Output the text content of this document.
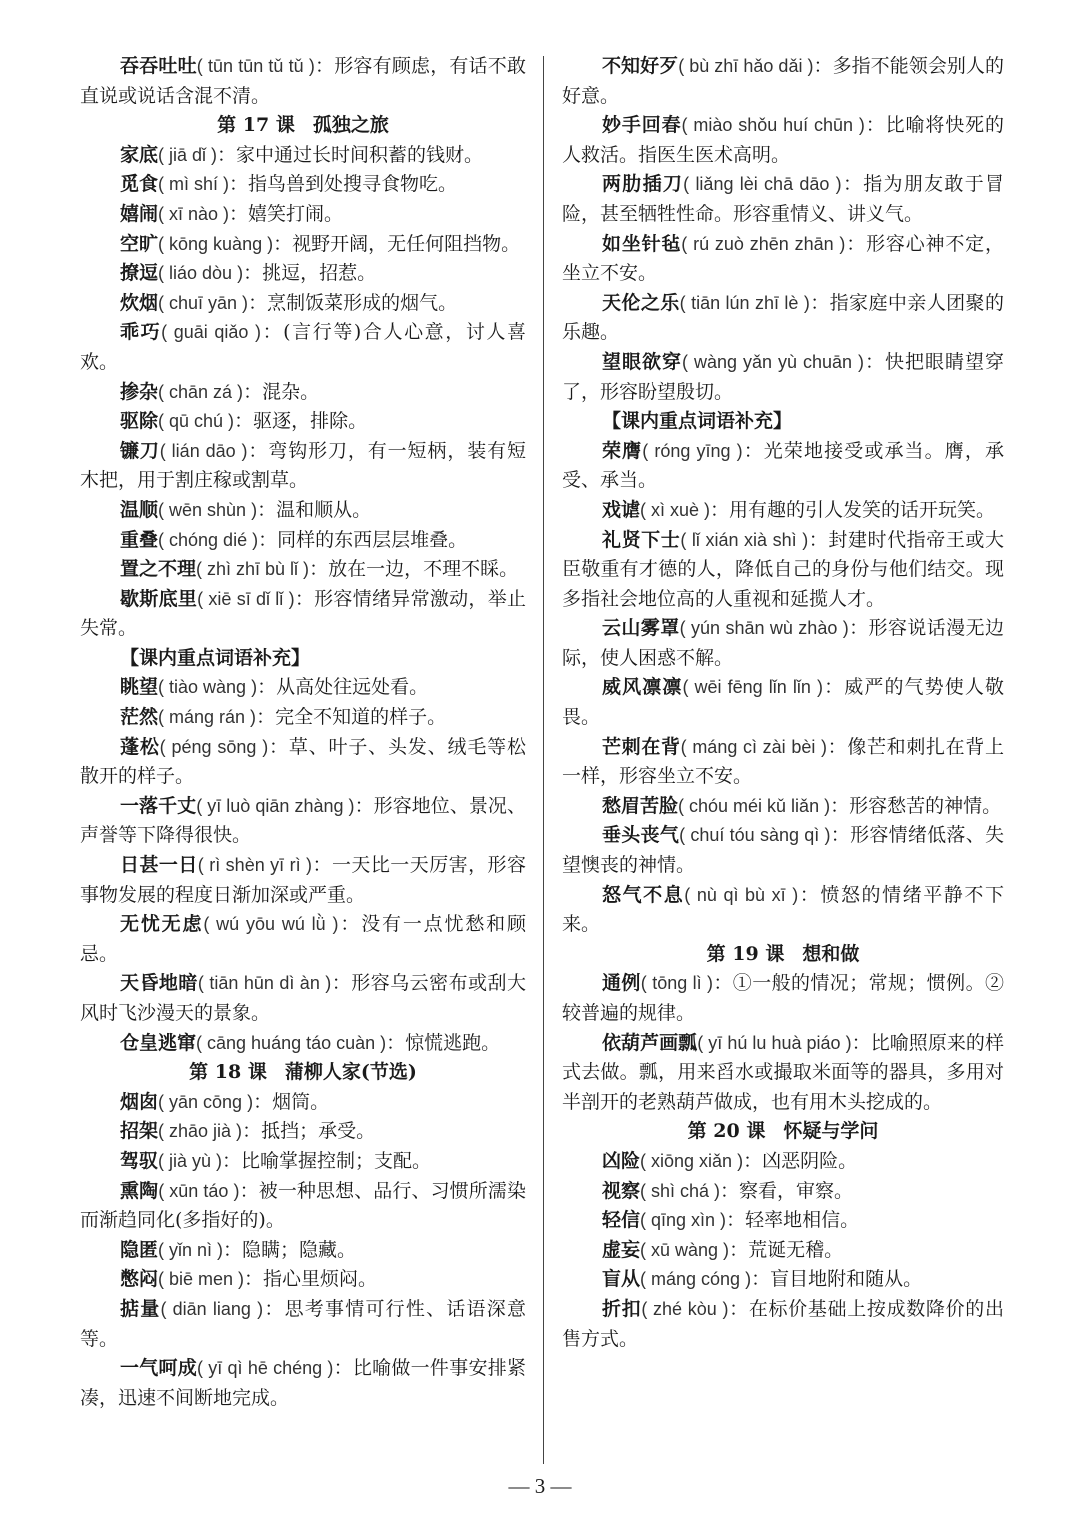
吞吞吐吐( tūn tūn tǔ tǔ )：形容有顾虑，有话不敢直说或说话含混不清。

第 17 课 孤独之旅

家底( jiā dǐ )：家中通过长时间积蓄的钱财。

觅食( mì shí )：指鸟兽到处搜寻食物吃。

嬉闹( xī nào )：嬉笑打闹。

空旷( kōng kuàng )：视野开阔，无任何阻挡物。

撩逗( liáo dòu )：挑逗，招惹。

炊烟( chuī yān )：烹制饭菜形成的烟气。

乖巧( guāi qiǎo )：(言行等)合人心意，讨人喜欢。

掺杂( chān zá )：混杂。

驱除( qū chú )：驱逐，排除。

镰刀( lián dāo )：弯钩形刀，有一短柄，装有短木把，用于割庄稼或割草。

温顺( wēn shùn )：温和顺从。

重叠( chóng dié )：同样的东西层层堆叠。

置之不理( zhì zhī bù lǐ )：放在一边，不理不睬。

歇斯底里( xiē sī dǐ lǐ )：形容情绪异常激动，举止失常。

【课内重点词语补充】

眺望( tiào wàng )：从高处往远处看。

茫然( máng rán )：完全不知道的样子。

蓬松( péng sōng )：草、叶子、头发、绒毛等松散开的样子。

一落千丈( yī luò qiān zhàng )：形容地位、景况、声誉等下降得很快。

日甚一日( rì shèn yī rì )：一天比一天厉害，形容事物发展的程度日渐加深或严重。

无忧无虑( wú yōu wú lǜ )：没有一点忧愁和顾忌。

天昏地暗( tiān hūn dì àn )：形容乌云密布或刮大风时飞沙漫天的景象。

仓皇逃窜( cāng huáng táo cuàn )：惊慌逃跑。

第 18 课 蒲柳人家(节选)

烟囱( yān cōng )：烟筒。

招架( zhāo jià )：抵挡；承受。

驾驭( jià yù )：比喻掌握控制；支配。

熏陶( xūn táo )：被一种思想、品行、习惯所濡染而渐趋同化(多指好的)。

隐匿( yǐn nì )：隐瞒；隐藏。

憋闷( biē men )：指心里烦闷。

掂量( diān liang )：思考事情可行性、话语深意等。

一气呵成( yī qì hē chéng )：比喻做一件事安排紧凑，迅速不间断地完成。

不知好歹( bù zhī hǎo dǎi )：多指不能领会别人的好意。

妙手回春( miào shǒu huí chūn )：比喻将快死的人救活。指医生医术高明。

两肋插刀( liǎng lèi chā dāo )：指为朋友敢于冒险，甚至牺牲性命。形容重情义、讲义气。

如坐针毡( rú zuò zhēn zhān )：形容心神不定，坐立不安。

天伦之乐( tiān lún zhī lè )：指家庭中亲人团聚的乐趣。

望眼欲穿( wàng yǎn yù chuān )：快把眼睛望穿了，形容盼望殷切。

【课内重点词语补充】

荣膺( róng yīng )：光荣地接受或承当。膺，承受、承当。

戏谑( xì xuè )：用有趣的引人发笑的话开玩笑。

礼贤下士( lǐ xián xià shì )：封建时代指帝王或大臣敬重有才德的人，降低自己的身份与他们结交。现多指社会地位高的人重视和延揽人才。

云山雾罩( yún shān wù zhào )：形容说话漫无边际，使人困惑不解。

威风凛凛( wēi fēng lǐn lǐn )：威严的气势使人敬畏。

芒刺在背( máng cì zài bèi )：像芒和刺扎在背上一样，形容坐立不安。

愁眉苦脸( chóu méi kǔ liǎn )：形容愁苦的神情。

垂头丧气( chuí tóu sàng qì )：形容情绪低落、失望懊丧的神情。

怒气不息( nù qì bù xī )：愤怒的情绪平静不下来。

第 19 课 想和做

通例( tōng lì )：①一般的情况；常规；惯例。②较普遍的规律。

依葫芦画瓢( yī hú lu huà piáo )：比喻照原来的样式去做。瓢，用来舀水或撮取米面等的器具，多用对半剖开的老熟葫芦做成，也有用木头挖成的。

第 20 课 怀疑与学问

凶险( xiōng xiǎn )：凶恶阴险。

视察( shì chá )：察看，审察。

轻信( qīng xìn )：轻率地相信。

虚妄( xū wàng )：荒诞无稽。

盲从( máng cóng )：盲目地附和随从。

折扣( zhé kòu )：在标价基础上按成数降价的出售方式。

— 3 —
